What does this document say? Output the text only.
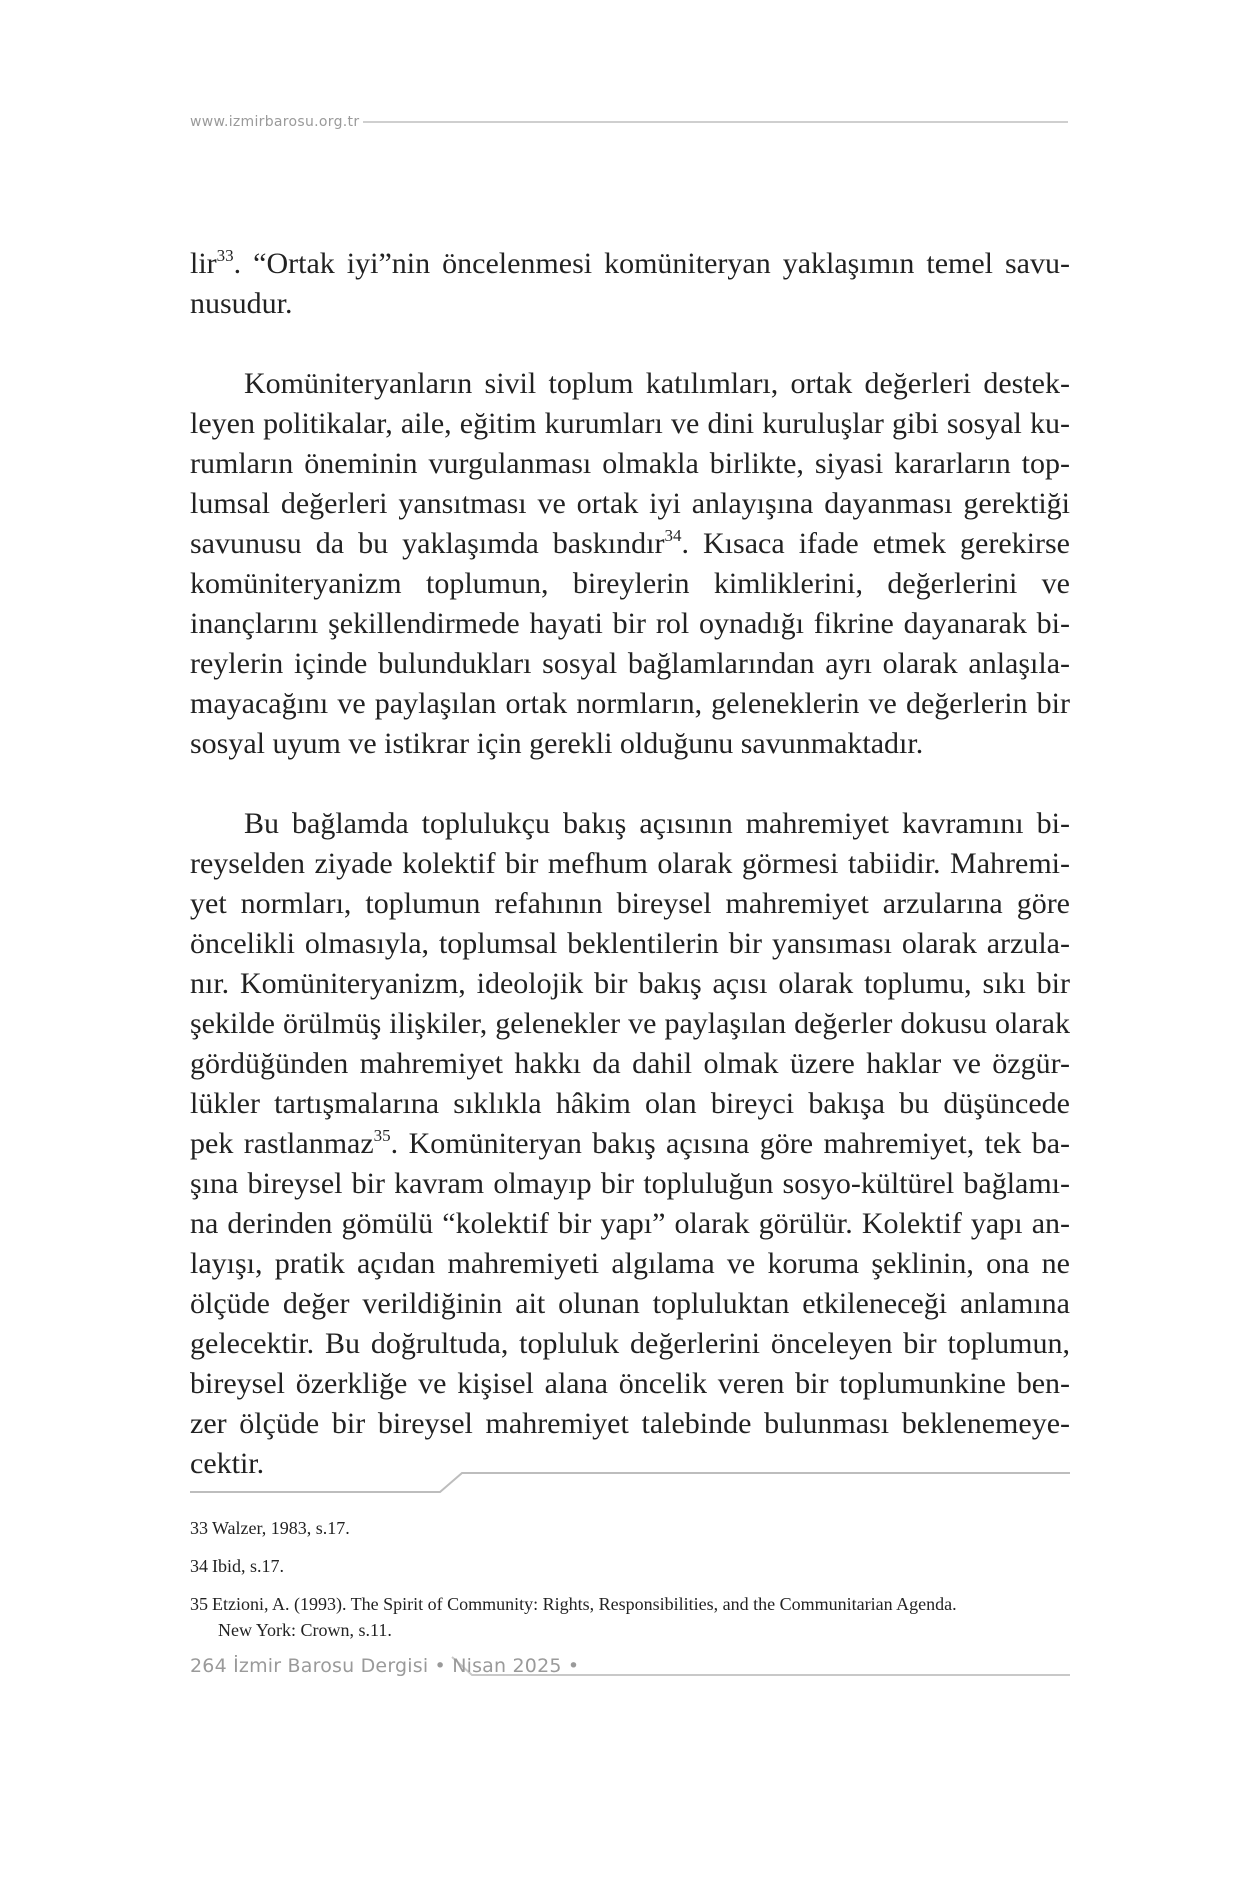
www.izmirbarosu.org.tr
lir$^{33}$. “Ortak iyi”nin öncelenmesi komüniteryan yaklaşımın temel savu-
nusudur.
Komüniteryanların sivil toplum katılımları, ortak değerleri destek-
leyen politikalar, aile, eğitim kurumları ve dini kuruluşlar gibi sosyal ku-
rumların öneminin vurgulanması olmakla birlikte, siyasi kararların top-
lumsal değerleri yansıtması ve ortak iyi anlayışına dayanması gerektiği
savunusu da bu yaklaşımda baskındır$^{34}$. Kısaca ifade etmek gerekirse
komüniteryanizm toplumun, bireylerin kimliklerini, değerlerini ve
inançlarını şekillendirmede hayati bir rol oynadığı fikrine dayanarak bi-
reylerin içinde bulundukları sosyal bağlamlarından ayrı olarak anlaşıla-
mayacağını ve paylaşılan ortak normların, geleneklerin ve değerlerin bir
sosyal uyum ve istikrar için gerekli olduğunu savunmaktadır.
Bu bağlamda toplulukçu bakış açısının mahremiyet kavramını bi-
reyselden ziyade kolektif bir mefhum olarak görmesi tabiidir. Mahremi-
yet normları, toplumun refahının bireysel mahremiyet arzularına göre
öncelikli olmasıyla, toplumsal beklentilerin bir yansıması olarak arzula-
nır. Komüniteryanizm, ideolojik bir bakış açısı olarak toplumu, sıkı bir
şekilde örülmüş ilişkiler, gelenekler ve paylaşılan değerler dokusu olarak
gördüğünden mahremiyet hakkı da dahil olmak üzere haklar ve özgür-
lükler tartışmalarına sıklıkla hâkim olan bireyci bakışa bu düşüncede
pek rastlanmaz$^{35}$. Komüniteryan bakış açısına göre mahremiyet, tek ba-
şına bireysel bir kavram olmayıp bir topluluğun sosyo-kültürel bağlamı-
na derinden gömülü “kolektif bir yapı” olarak görülür. Kolektif yapı an-
layışı, pratik açıdan mahremiyeti algılama ve koruma şeklinin, ona ne
ölçüde değer verildiğinin ait olunan topluluktan etkileneceği anlamına
gelecektir. Bu doğrultuda, topluluk değerlerini önceleyen bir toplumun,
bireysel özerkliğe ve kişisel alana öncelik veren bir toplumunkine ben-
zer ölçüde bir bireysel mahremiyet talebinde bulunması beklenemeye-
cektir.
33 Walzer, 1983, s.17.
34 Ibid, s.17.
35 Etzioni, A. (1993). The Spirit of Community: Rights, Responsibilities, and the Communitarian Agenda.
New York: Crown, s.11.
264 İzmir Barosu Dergisi • Nisan 2025 •
